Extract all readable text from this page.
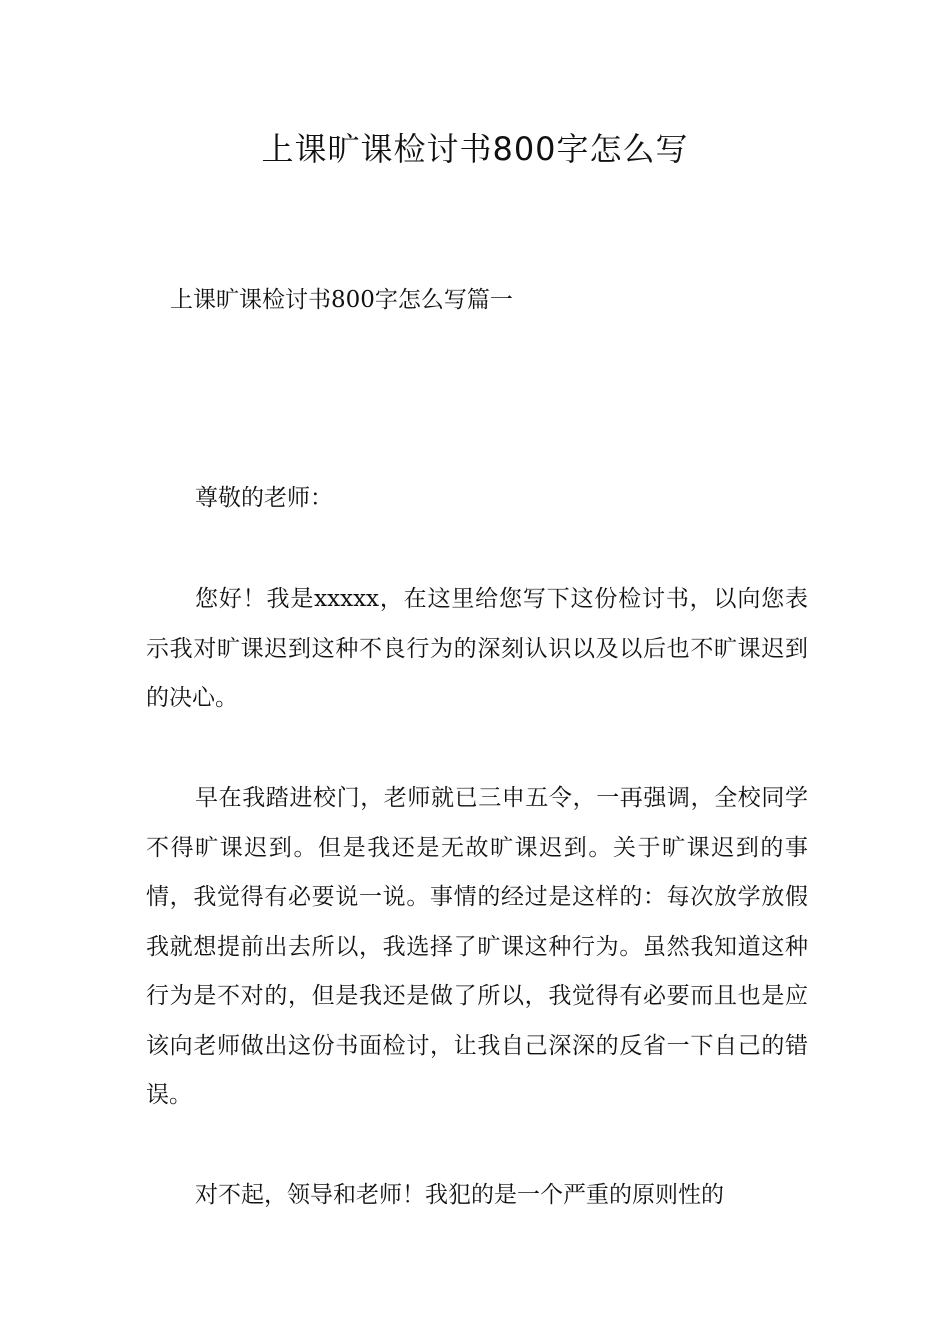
上课旷课检讨书800字怎么写
上课旷课检讨书800字怎么写篇一
尊敬的老师：

您好！我是xxxxx，在这里给您写下这份检讨书，以向您表示我对旷课迟到这种不良行为的深刻认识以及以后也不旷课迟到的决心。

早在我踏进校门，老师就已三申五令，一再强调，全校同学不得旷课迟到。但是我还是无故旷课迟到。关于旷课迟到的事情，我觉得有必要说一说。事情的经过是这样的：每次放学放假我就想提前出去所以，我选择了旷课这种行为。虽然我知道这种行为是不对的，但是我还是做了所以，我觉得有必要而且也是应该向老师做出这份书面检讨，让我自己深深的反省一下自己的错误。

对不起，领导和老师！我犯的是一个严重的原则性的
